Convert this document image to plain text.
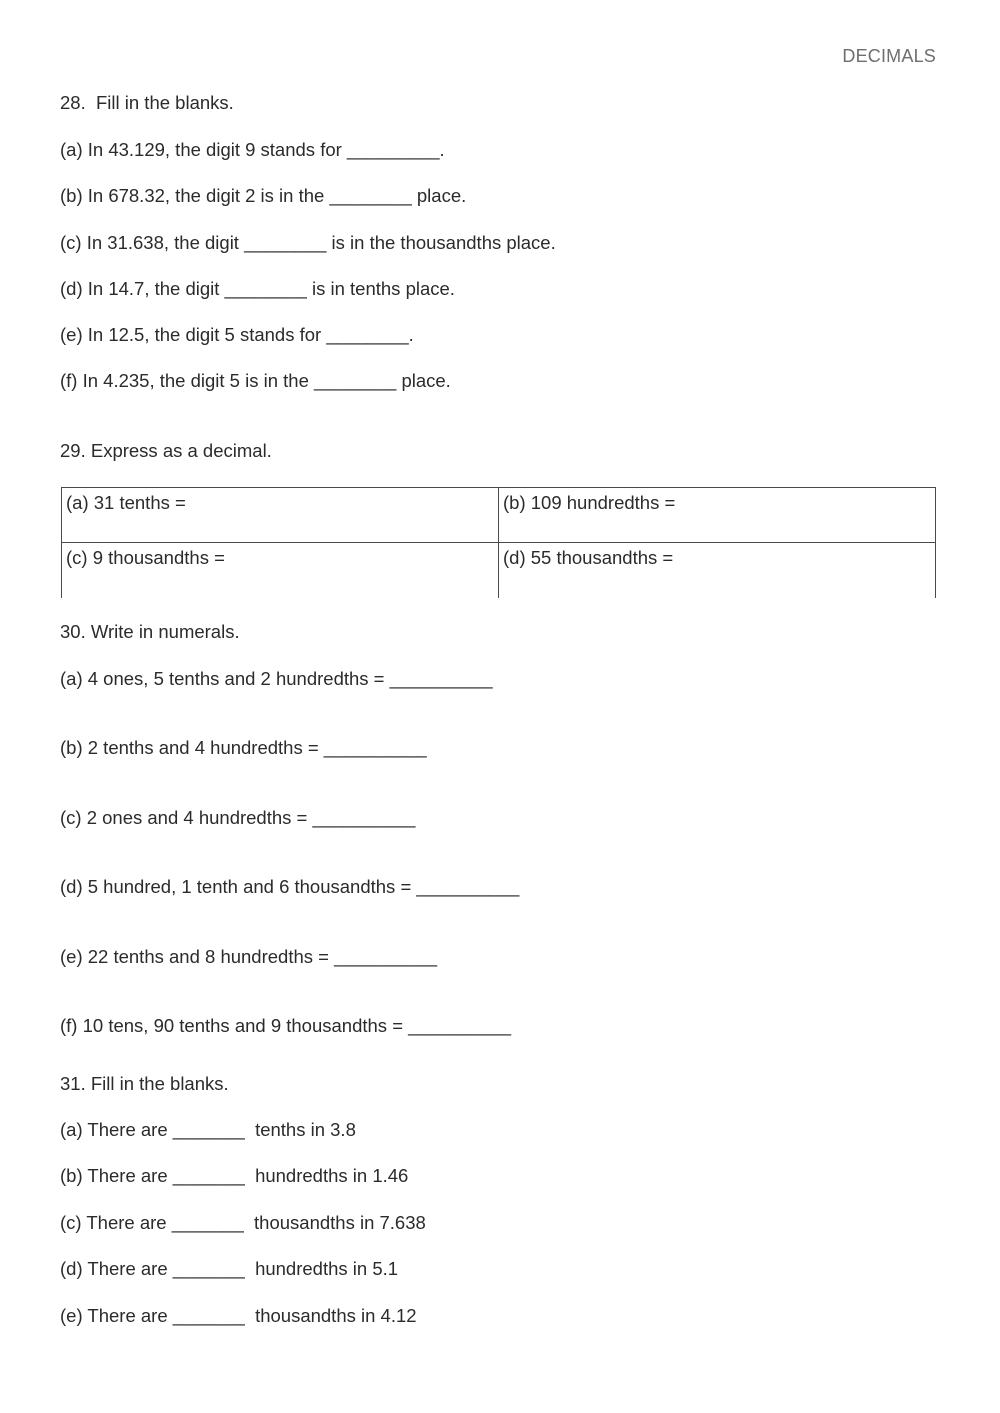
DECIMALS
28.  Fill in the blanks.
(a) In 43.129, the digit 9 stands for _________.
(b) In 678.32, the digit 2 is in the ________ place.
(c) In 31.638, the digit ________ is in the thousandths place.
(d) In 14.7, the digit ________ is in tenths place.
(e) In 12.5, the digit 5 stands for ________.
(f) In 4.235, the digit 5 is in the ________ place.
29. Express as a decimal.
(a) 31 tenths =	(b) 109 hundredths =
(c) 9 thousandths =	(d) 55 thousandths =
30. Write in numerals.
(a) 4 ones, 5 tenths and 2 hundredths = __________
(b) 2 tenths and 4 hundredths = __________
(c) 2 ones and 4 hundredths = __________
(d) 5 hundred, 1 tenth and 6 thousandths = __________
(e) 22 tenths and 8 hundredths = __________
(f) 10 tens, 90 tenths and 9 thousandths = __________
31. Fill in the blanks.
(a) There are _______  tenths in 3.8
(b) There are _______  hundredths in 1.46
(c) There are _______  thousandths in 7.638
(d) There are _______  hundredths in 5.1
(e) There are _______  thousandths in 4.12
